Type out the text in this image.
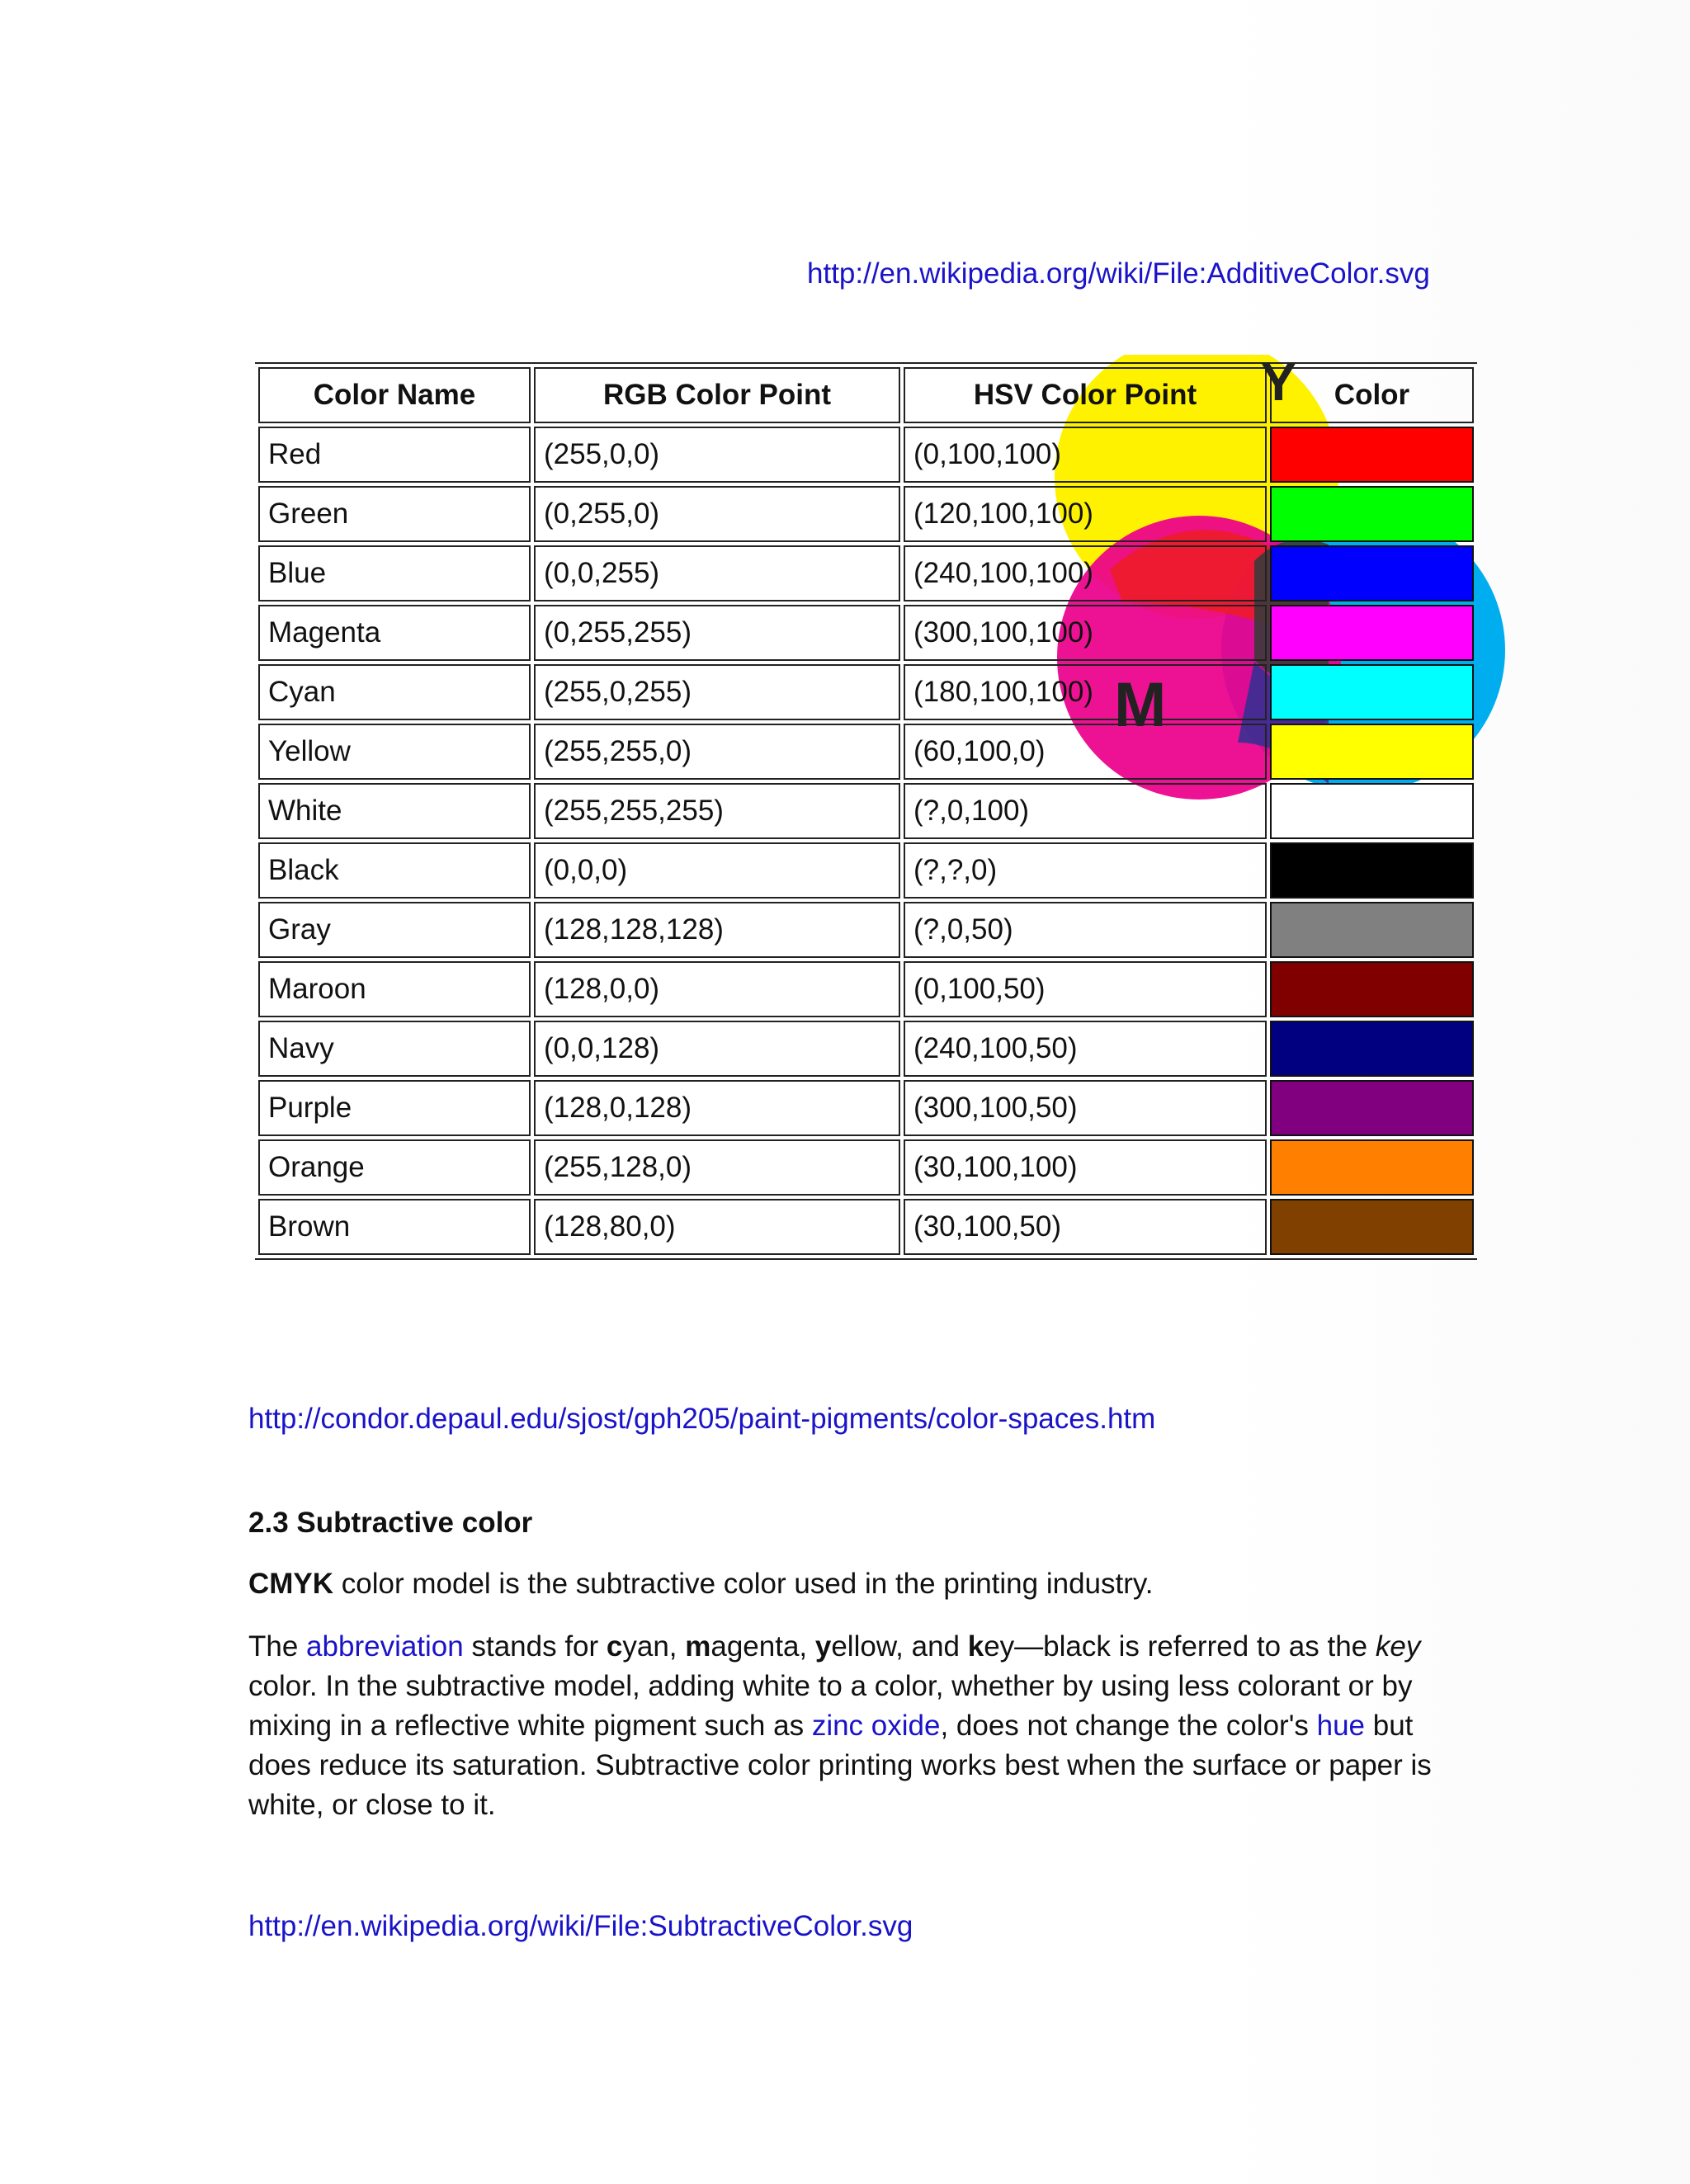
http://en.wikipedia.org/wiki/File:AdditiveColor.svg
Y
M
Color Name	RGB Color Point	HSV Color Point	Color
Red	(255,0,0)	(0,100,100)	
Green	(0,255,0)	(120,100,100)	
Blue	(0,0,255)	(240,100,100)	
Magenta	(0,255,255)	(300,100,100)	
Cyan	(255,0,255)	(180,100,100)	
Yellow	(255,255,0)	(60,100,0)	
White	(255,255,255)	(?,0,100)	
Black	(0,0,0)	(?,?,0)	
Gray	(128,128,128)	(?,0,50)	
Maroon	(128,0,0)	(0,100,50)	
Navy	(0,0,128)	(240,100,50)	
Purple	(128,0,128)	(300,100,50)	
Orange	(255,128,0)	(30,100,100)	
Brown	(128,80,0)	(30,100,50)	
http://condor.depaul.edu/sjost/gph205/paint-pigments/color-spaces.htm
2.3 Subtractive color
CMYK color model is the subtractive color used in the printing industry.
The abbreviation stands for cyan, magenta, yellow, and key—black is referred to as the key color. In the subtractive model, adding white to a color, whether by using less colorant or by mixing in a reflective white pigment such as zinc oxide, does not change the color's hue but does reduce its saturation. Subtractive color printing works best when the surface or paper is white, or close to it.
http://en.wikipedia.org/wiki/File:SubtractiveColor.svg
